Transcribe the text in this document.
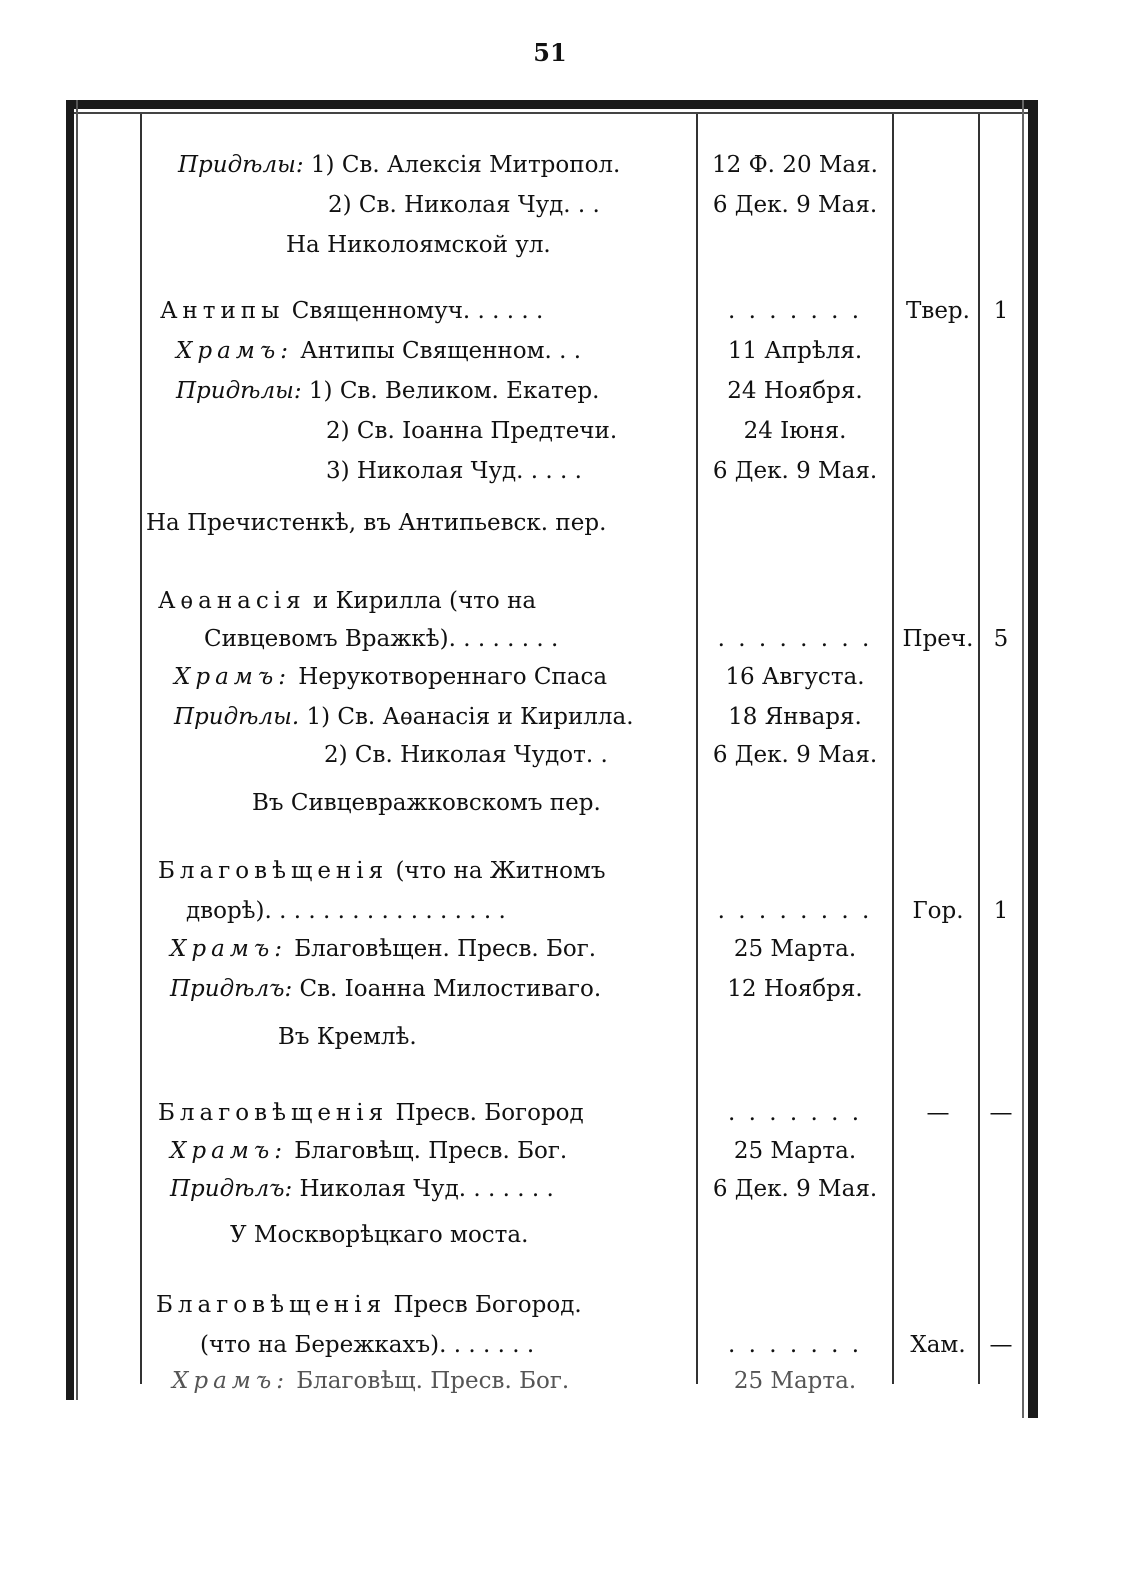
51
Придѣлы: 1) Св. Алексія Митропол.	12 Ф. 20 Мая.
2) Св. Николая Чуд. . .	6 Дек. 9 Мая.
На Николоямской ул.
Антипы Священномуч. . . . . .	. . . . . . .	Твер.	1
Храмъ: Антипы Священном. . .	11 Апрѣля.
Придѣлы: 1) Св. Великом. Екатер.	24 Ноября.
2) Св. Іоанна Предтечи.	24 Іюня.
3) Николая Чуд. . . . .	6 Дек. 9 Мая.
На Пречистенкѣ, въ Антипьевск. пер.
Аѳанасія и Кирилла (что на
Сивцевомъ Вражкѣ). . . . . . . .	. . . . . . . .	Преч. 5
Храмъ: Нерукотвореннаго Спаса	16 Августа.
Придѣлы. 1) Св. Аѳанасія и Кирилла.	18 Января.
2) Св. Николая Чудот. .	6 Дек. 9 Мая.
Въ Сивцевражковскомъ пер.
Благовѣщенія (что на Житномъ
дворѣ). . . . . . . . . . . . . . . . .	. . . . . . . .	Гор.	1
Храмъ: Благовѣщен. Пресв. Бог.	25 Марта.
Придѣлъ: Св. Іоанна Милостиваго.	12 Ноября.
Въ Кремлѣ.
Благовѣщенія Пресв. Богород	. . . . . . .	—	—
Храмъ: Благовѣщ. Пресв. Бог.	25 Марта.
Придѣлъ: Николая Чуд. . . . . . .	6 Дек. 9 Мая.
У Москворѣцкаго моста.
Благовѣщенія Пресв Богород.
(что на Бережкахъ). . . . . . .	. . . . . . .	Хам.	—
Храмъ: Благовѣщ. Пресв. Бог.	25 Марта.
